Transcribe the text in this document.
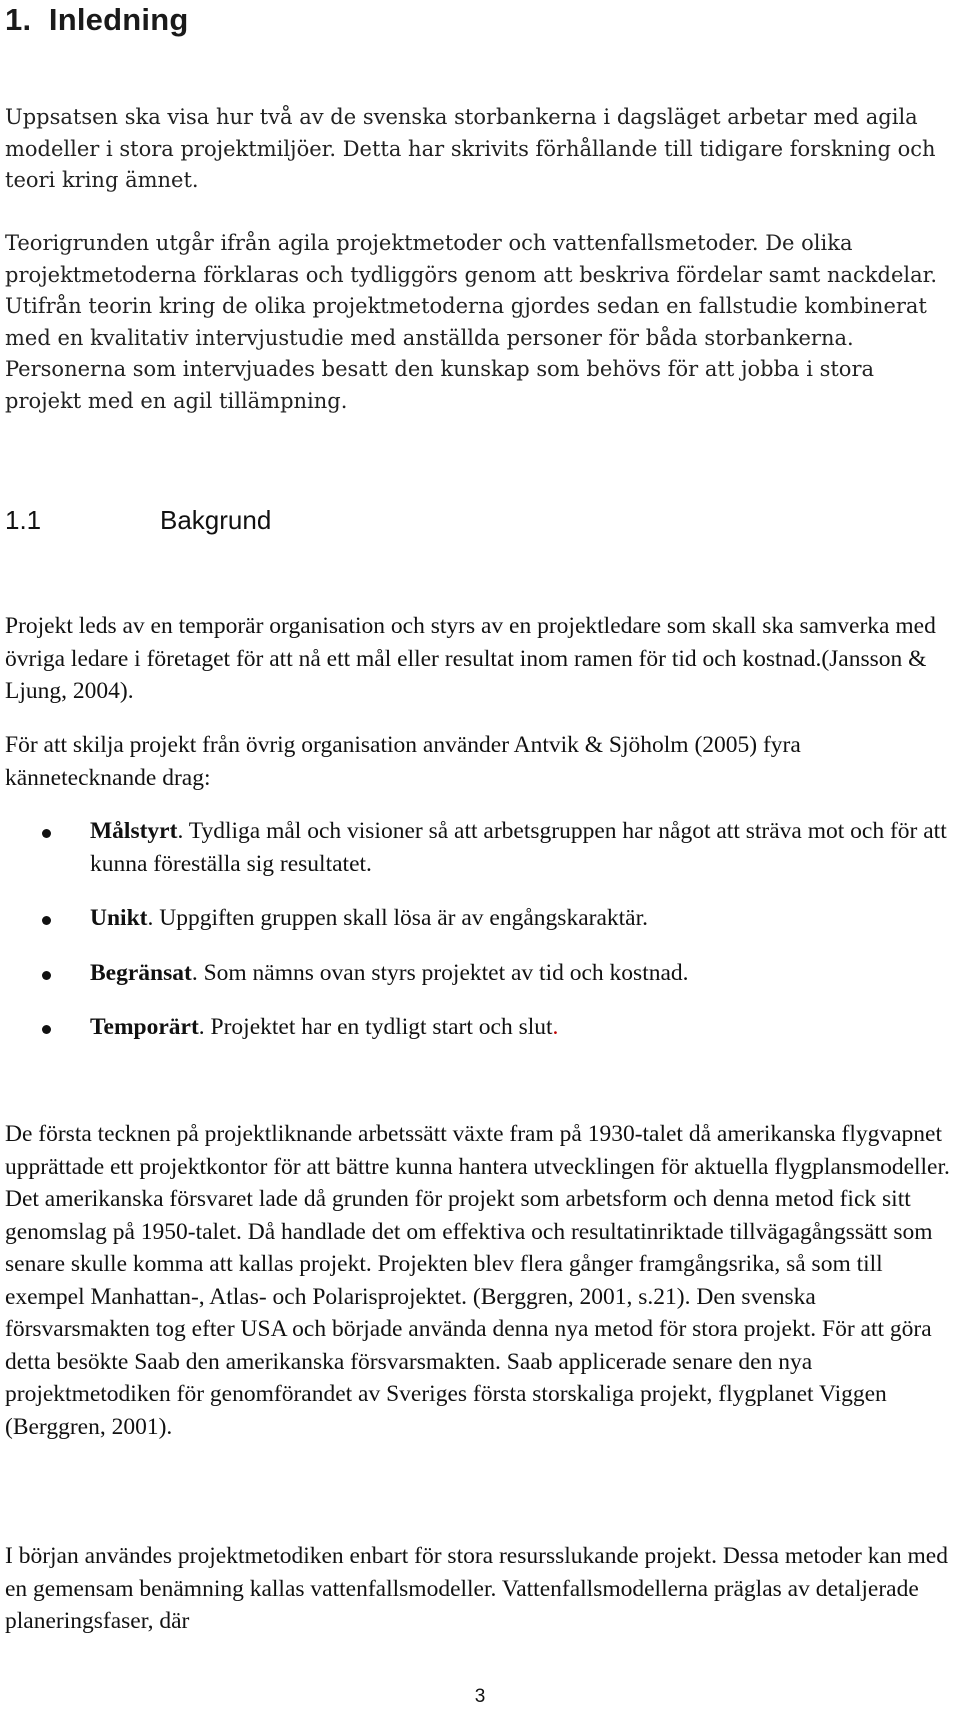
1. Inledning

Uppsatsen ska visa hur två av de svenska storbankerna i dagsläget arbetar med agila modeller i stora projektmiljöer. Detta har skrivits förhållande till tidigare forskning och teori kring ämnet.

Teorigrunden utgår ifrån agila projektmetoder och vattenfallsmetoder. De olika projektmetoderna förklaras och tydliggörs genom att beskriva fördelar samt nackdelar. Utifrån teorin kring de olika projektmetoderna gjordes sedan en fallstudie kombinerat med en kvalitativ intervjustudie med anställda personer för båda storbankerna. Personerna som intervjuades besatt den kunskap som behövs för att jobba i stora projekt med en agil tillämpning.

1.1	Bakgrund

Projekt leds av en temporär organisation och styrs av en projektledare som skall ska samverka med övriga ledare i företaget för att nå ett mål eller resultat inom ramen för tid och kostnad.(Jansson & Ljung, 2004).

För att skilja projekt från övrig organisation använder Antvik & Sjöholm (2005) fyra kännetecknande drag:

Målstyrt. Tydliga mål och visioner så att arbetsgruppen har något att sträva mot och för att kunna föreställa sig resultatet.
Unikt. Uppgiften gruppen skall lösa är av engångskaraktär.
Begränsat. Som nämns ovan styrs projektet av tid och kostnad.
Temporärt. Projektet har en tydligt start och slut.

De första tecknen på projektliknande arbetssätt växte fram på 1930-talet då amerikanska flygvapnet upprättade ett projektkontor för att bättre kunna hantera utvecklingen för aktuella flygplansmodeller. Det amerikanska försvaret lade då grunden för projekt som arbetsform och denna metod fick sitt genomslag på 1950-talet. Då handlade det om effektiva och resultatinriktade tillvägagångssätt som senare skulle komma att kallas projekt. Projekten blev flera gånger framgångsrika, så som till exempel Manhattan-, Atlas- och Polarisprojektet. (Berggren, 2001, s.21). Den svenska försvarsmakten tog efter USA och började använda denna nya metod för stora projekt. För att göra detta besökte Saab den amerikanska försvarsmakten. Saab applicerade senare den nya projektmetodiken för genomförandet av Sveriges första storskaliga projekt, flygplanet Viggen (Berggren, 2001).

I början användes projektmetodiken enbart för stora resursslukande projekt. Dessa metoder kan med en gemensam benämning kallas vattenfallsmodeller. Vattenfallsmodellerna präglas av detaljerade planeringsfaser, där

3
